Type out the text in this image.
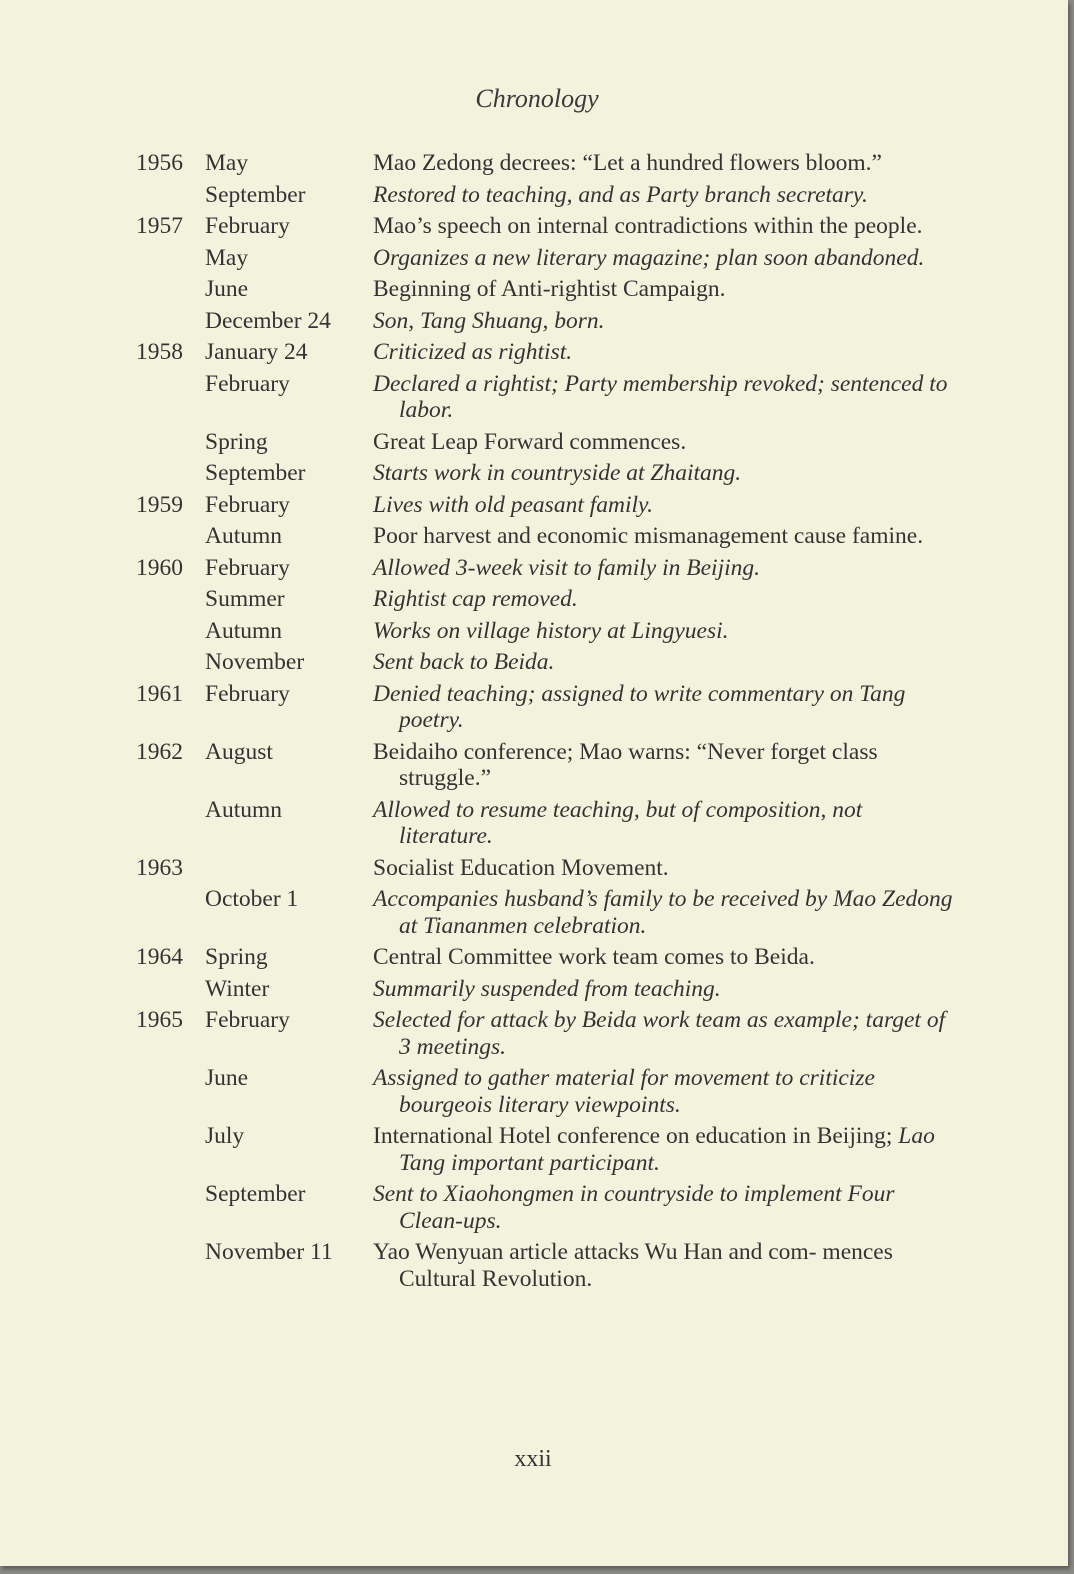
Chronology
1956 May	Mao Zedong decrees: “Let a hundred flowers bloom.”
September	Restored to teaching, and as Party branch secretary.
1957 February	Mao’s speech on internal contradictions within the people.
May	Organizes a new literary magazine; plan soon abandoned.
June	Beginning of Anti-rightist Campaign.
December 24 Son, Tang Shuang, born.
1958 January 24	Criticized as rightist.
February	Declared a rightist; Party membership revoked; sentenced to labor.
Spring	Great Leap Forward commences.
September	Starts work in countryside at Zhaitang.
1959 February	Lives with old peasant family.
Autumn	Poor harvest and economic mismanagement cause famine.
1960 February	Allowed 3-week visit to family in Beijing.
Summer	Rightist cap removed.
Autumn	Works on village history at Lingyuesi.
November	Sent back to Beida.
1961 February	Denied teaching; assigned to write commentary on Tang poetry.
1962 August	Beidaiho conference; Mao warns: “Never forget class struggle.”
Autumn	Allowed to resume teaching, but of composition, not literature.
1963	Socialist Education Movement.
October 1	Accompanies husband’s family to be received by Mao Zedong at Tiananmen celebration.
1964 Spring	Central Committee work team comes to Beida.
Winter	Summarily suspended from teaching.
1965 February	Selected for attack by Beida work team as example; target of 3 meetings.
June	Assigned to gather material for movement to criticize bourgeois literary viewpoints.
July	International Hotel conference on education in Beijing; Lao Tang important participant.
September	Sent to Xiaohongmen in countryside to implement Four Clean-ups.
November 11 Yao Wenyuan article attacks Wu Han and com- mences Cultural Revolution.
xxii
